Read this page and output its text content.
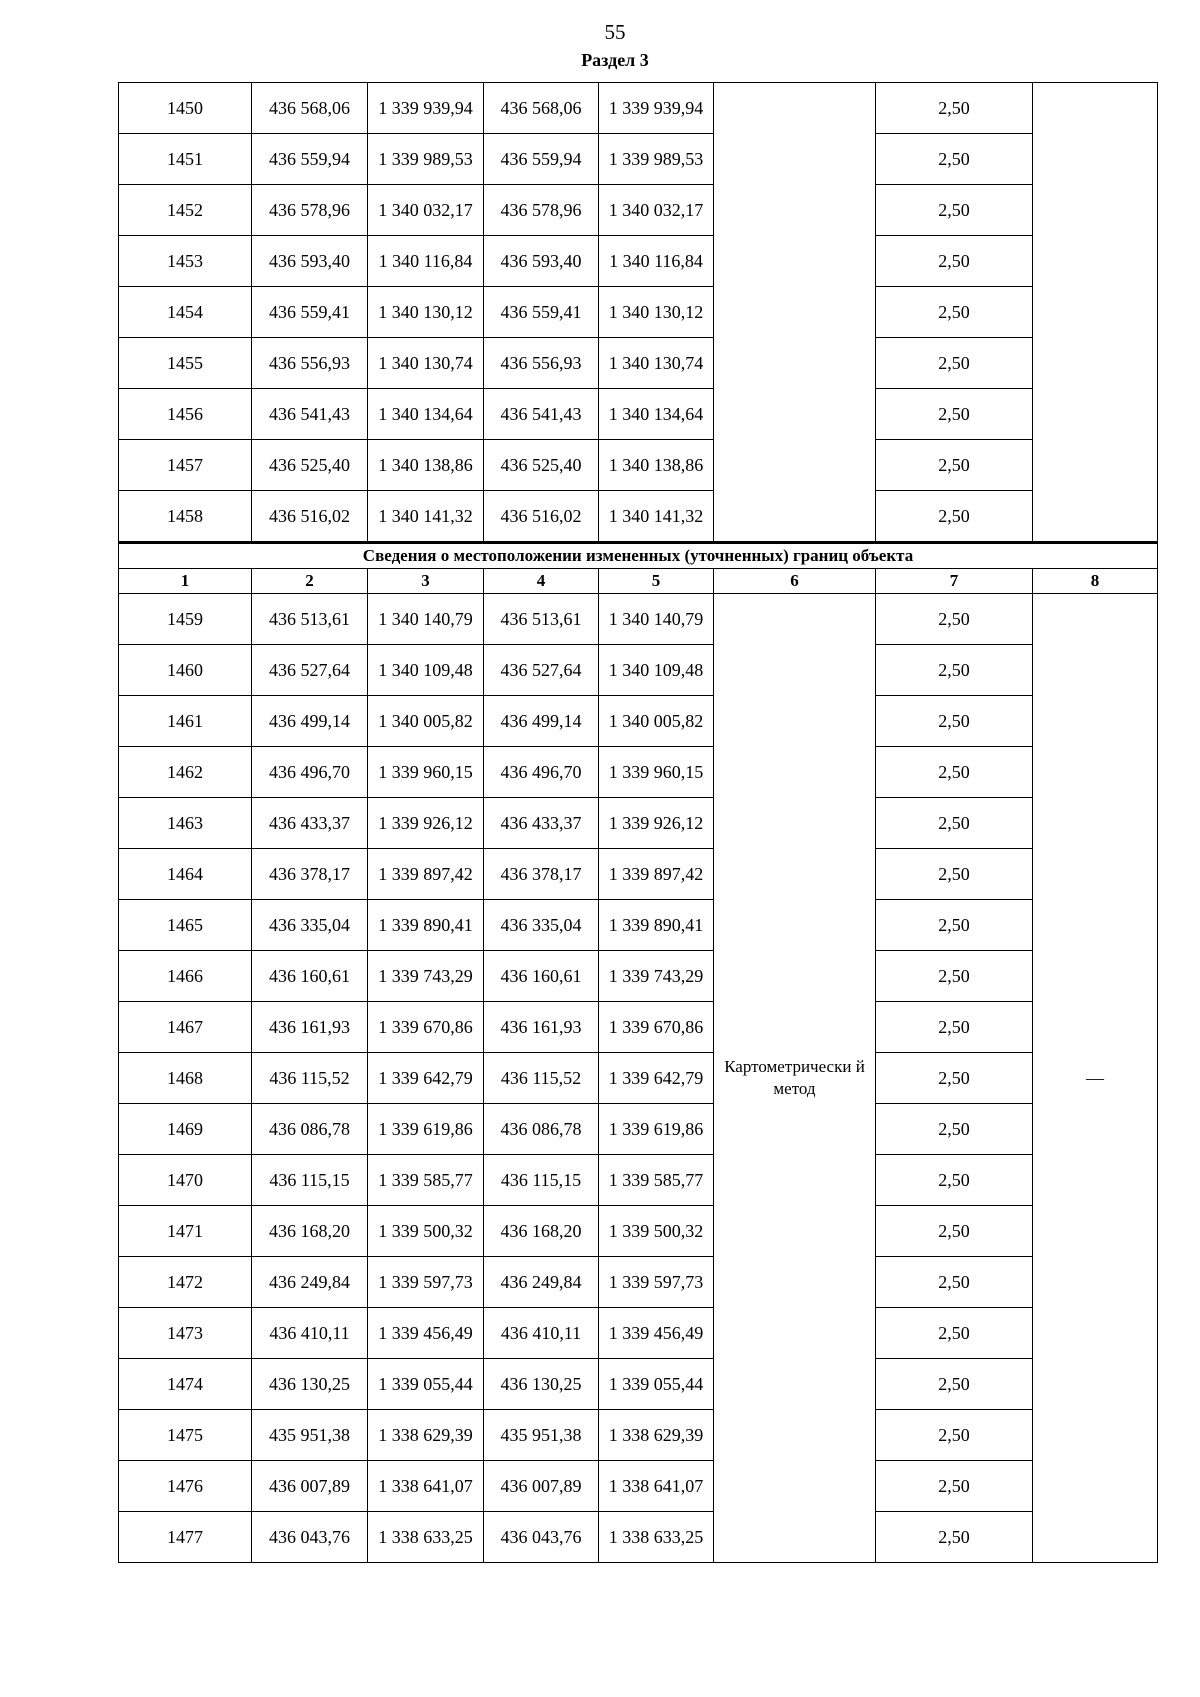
55
Раздел 3
1450	436 568,06	1 339 939,94	436 568,06	1 339 939,94		2,50	
1451	436 559,94	1 339 989,53	436 559,94	1 339 989,53		2,50	
1452	436 578,96	1 340 032,17	436 578,96	1 340 032,17		2,50	
1453	436 593,40	1 340 116,84	436 593,40	1 340 116,84		2,50	
1454	436 559,41	1 340 130,12	436 559,41	1 340 130,12		2,50	
1455	436 556,93	1 340 130,74	436 556,93	1 340 130,74		2,50	
1456	436 541,43	1 340 134,64	436 541,43	1 340 134,64		2,50	
1457	436 525,40	1 340 138,86	436 525,40	1 340 138,86		2,50	
1458	436 516,02	1 340 141,32	436 516,02	1 340 141,32		2,50	
Сведения о местоположении измененных (уточненных) границ объекта							
1	2	3	4	5	6	7	8
1459	436 513,61	1 340 140,79	436 513,61	1 340 140,79	Картометрически й метод	2,50	—
1460	436 527,64	1 340 109,48	436 527,64	1 340 109,48		2,50	
1461	436 499,14	1 340 005,82	436 499,14	1 340 005,82		2,50	
1462	436 496,70	1 339 960,15	436 496,70	1 339 960,15		2,50	
1463	436 433,37	1 339 926,12	436 433,37	1 339 926,12		2,50	
1464	436 378,17	1 339 897,42	436 378,17	1 339 897,42		2,50	
1465	436 335,04	1 339 890,41	436 335,04	1 339 890,41		2,50	
1466	436 160,61	1 339 743,29	436 160,61	1 339 743,29		2,50	
1467	436 161,93	1 339 670,86	436 161,93	1 339 670,86		2,50	
1468	436 115,52	1 339 642,79	436 115,52	1 339 642,79		2,50	
1469	436 086,78	1 339 619,86	436 086,78	1 339 619,86		2,50	
1470	436 115,15	1 339 585,77	436 115,15	1 339 585,77		2,50	
1471	436 168,20	1 339 500,32	436 168,20	1 339 500,32		2,50	
1472	436 249,84	1 339 597,73	436 249,84	1 339 597,73		2,50	
1473	436 410,11	1 339 456,49	436 410,11	1 339 456,49		2,50	
1474	436 130,25	1 339 055,44	436 130,25	1 339 055,44		2,50	
1475	435 951,38	1 338 629,39	435 951,38	1 338 629,39		2,50	
1476	436 007,89	1 338 641,07	436 007,89	1 338 641,07		2,50	
1477	436 043,76	1 338 633,25	436 043,76	1 338 633,25		2,50	
